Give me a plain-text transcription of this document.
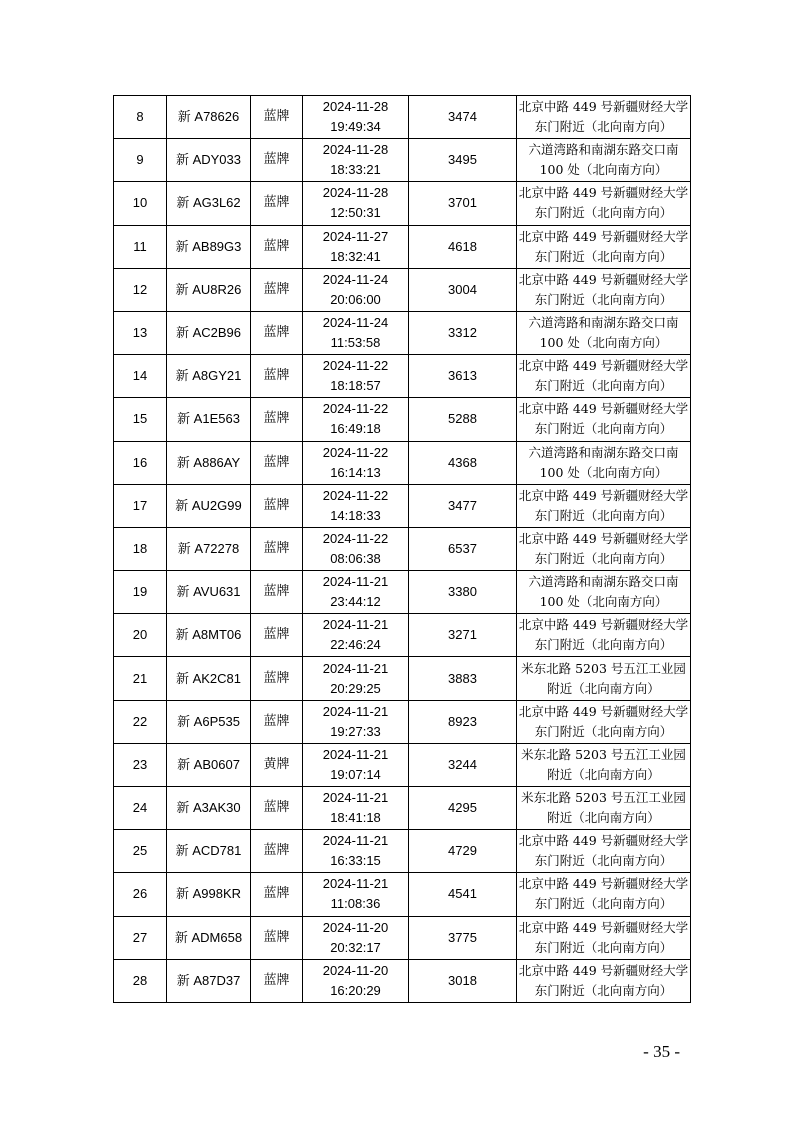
8	新 A78626	蓝牌	2024-11-28
19:49:34	3474	北京中路 449 号新疆财经大学
东门附近（北向南方向）

9	新 ADY033	蓝牌	2024-11-28
18:33:21	3495	六道湾路和南湖东路交口南
100 处（北向南方向）

10	新 AG3L62	蓝牌	2024-11-28
12:50:31	3701	北京中路 449 号新疆财经大学
东门附近（北向南方向）

11	新 AB89G3	蓝牌	2024-11-27
18:32:41	4618	北京中路 449 号新疆财经大学
东门附近（北向南方向）

12	新 AU8R26	蓝牌	2024-11-24
20:06:00	3004	北京中路 449 号新疆财经大学
东门附近（北向南方向）

13	新 AC2B96	蓝牌	2024-11-24
11:53:58	3312	六道湾路和南湖东路交口南
100 处（北向南方向）

14	新 A8GY21	蓝牌	2024-11-22
18:18:57	3613	北京中路 449 号新疆财经大学
东门附近（北向南方向）

15	新 A1E563	蓝牌	2024-11-22
16:49:18	5288	北京中路 449 号新疆财经大学
东门附近（北向南方向）

16	新 A886AY	蓝牌	2024-11-22
16:14:13	4368	六道湾路和南湖东路交口南
100 处（北向南方向）

17	新 AU2G99	蓝牌	2024-11-22
14:18:33	3477	北京中路 449 号新疆财经大学
东门附近（北向南方向）

18	新 A72278	蓝牌	2024-11-22
08:06:38	6537	北京中路 449 号新疆财经大学
东门附近（北向南方向）

19	新 AVU631	蓝牌	2024-11-21
23:44:12	3380	六道湾路和南湖东路交口南
100 处（北向南方向）

20	新 A8MT06	蓝牌	2024-11-21
22:46:24	3271	北京中路 449 号新疆财经大学
东门附近（北向南方向）

21	新 AK2C81	蓝牌	2024-11-21
20:29:25	3883	米东北路 5203 号五江工业园
附近（北向南方向）

22	新 A6P535	蓝牌	2024-11-21
19:27:33	8923	北京中路 449 号新疆财经大学
东门附近（北向南方向）

23	新 AB0607	黄牌	2024-11-21
19:07:14	3244	米东北路 5203 号五江工业园
附近（北向南方向）

24	新 A3AK30	蓝牌	2024-11-21
18:41:18	4295	米东北路 5203 号五江工业园
附近（北向南方向）

25	新 ACD781	蓝牌	2024-11-21
16:33:15	4729	北京中路 449 号新疆财经大学
东门附近（北向南方向）

26	新 A998KR	蓝牌	2024-11-21
11:08:36	4541	北京中路 449 号新疆财经大学
东门附近（北向南方向）

27	新 ADM658	蓝牌	2024-11-20
20:32:17	3775	北京中路 449 号新疆财经大学
东门附近（北向南方向）

28	新 A87D37	蓝牌	2024-11-20
16:20:29	3018	北京中路 449 号新疆财经大学
东门附近（北向南方向）
- 35 -
